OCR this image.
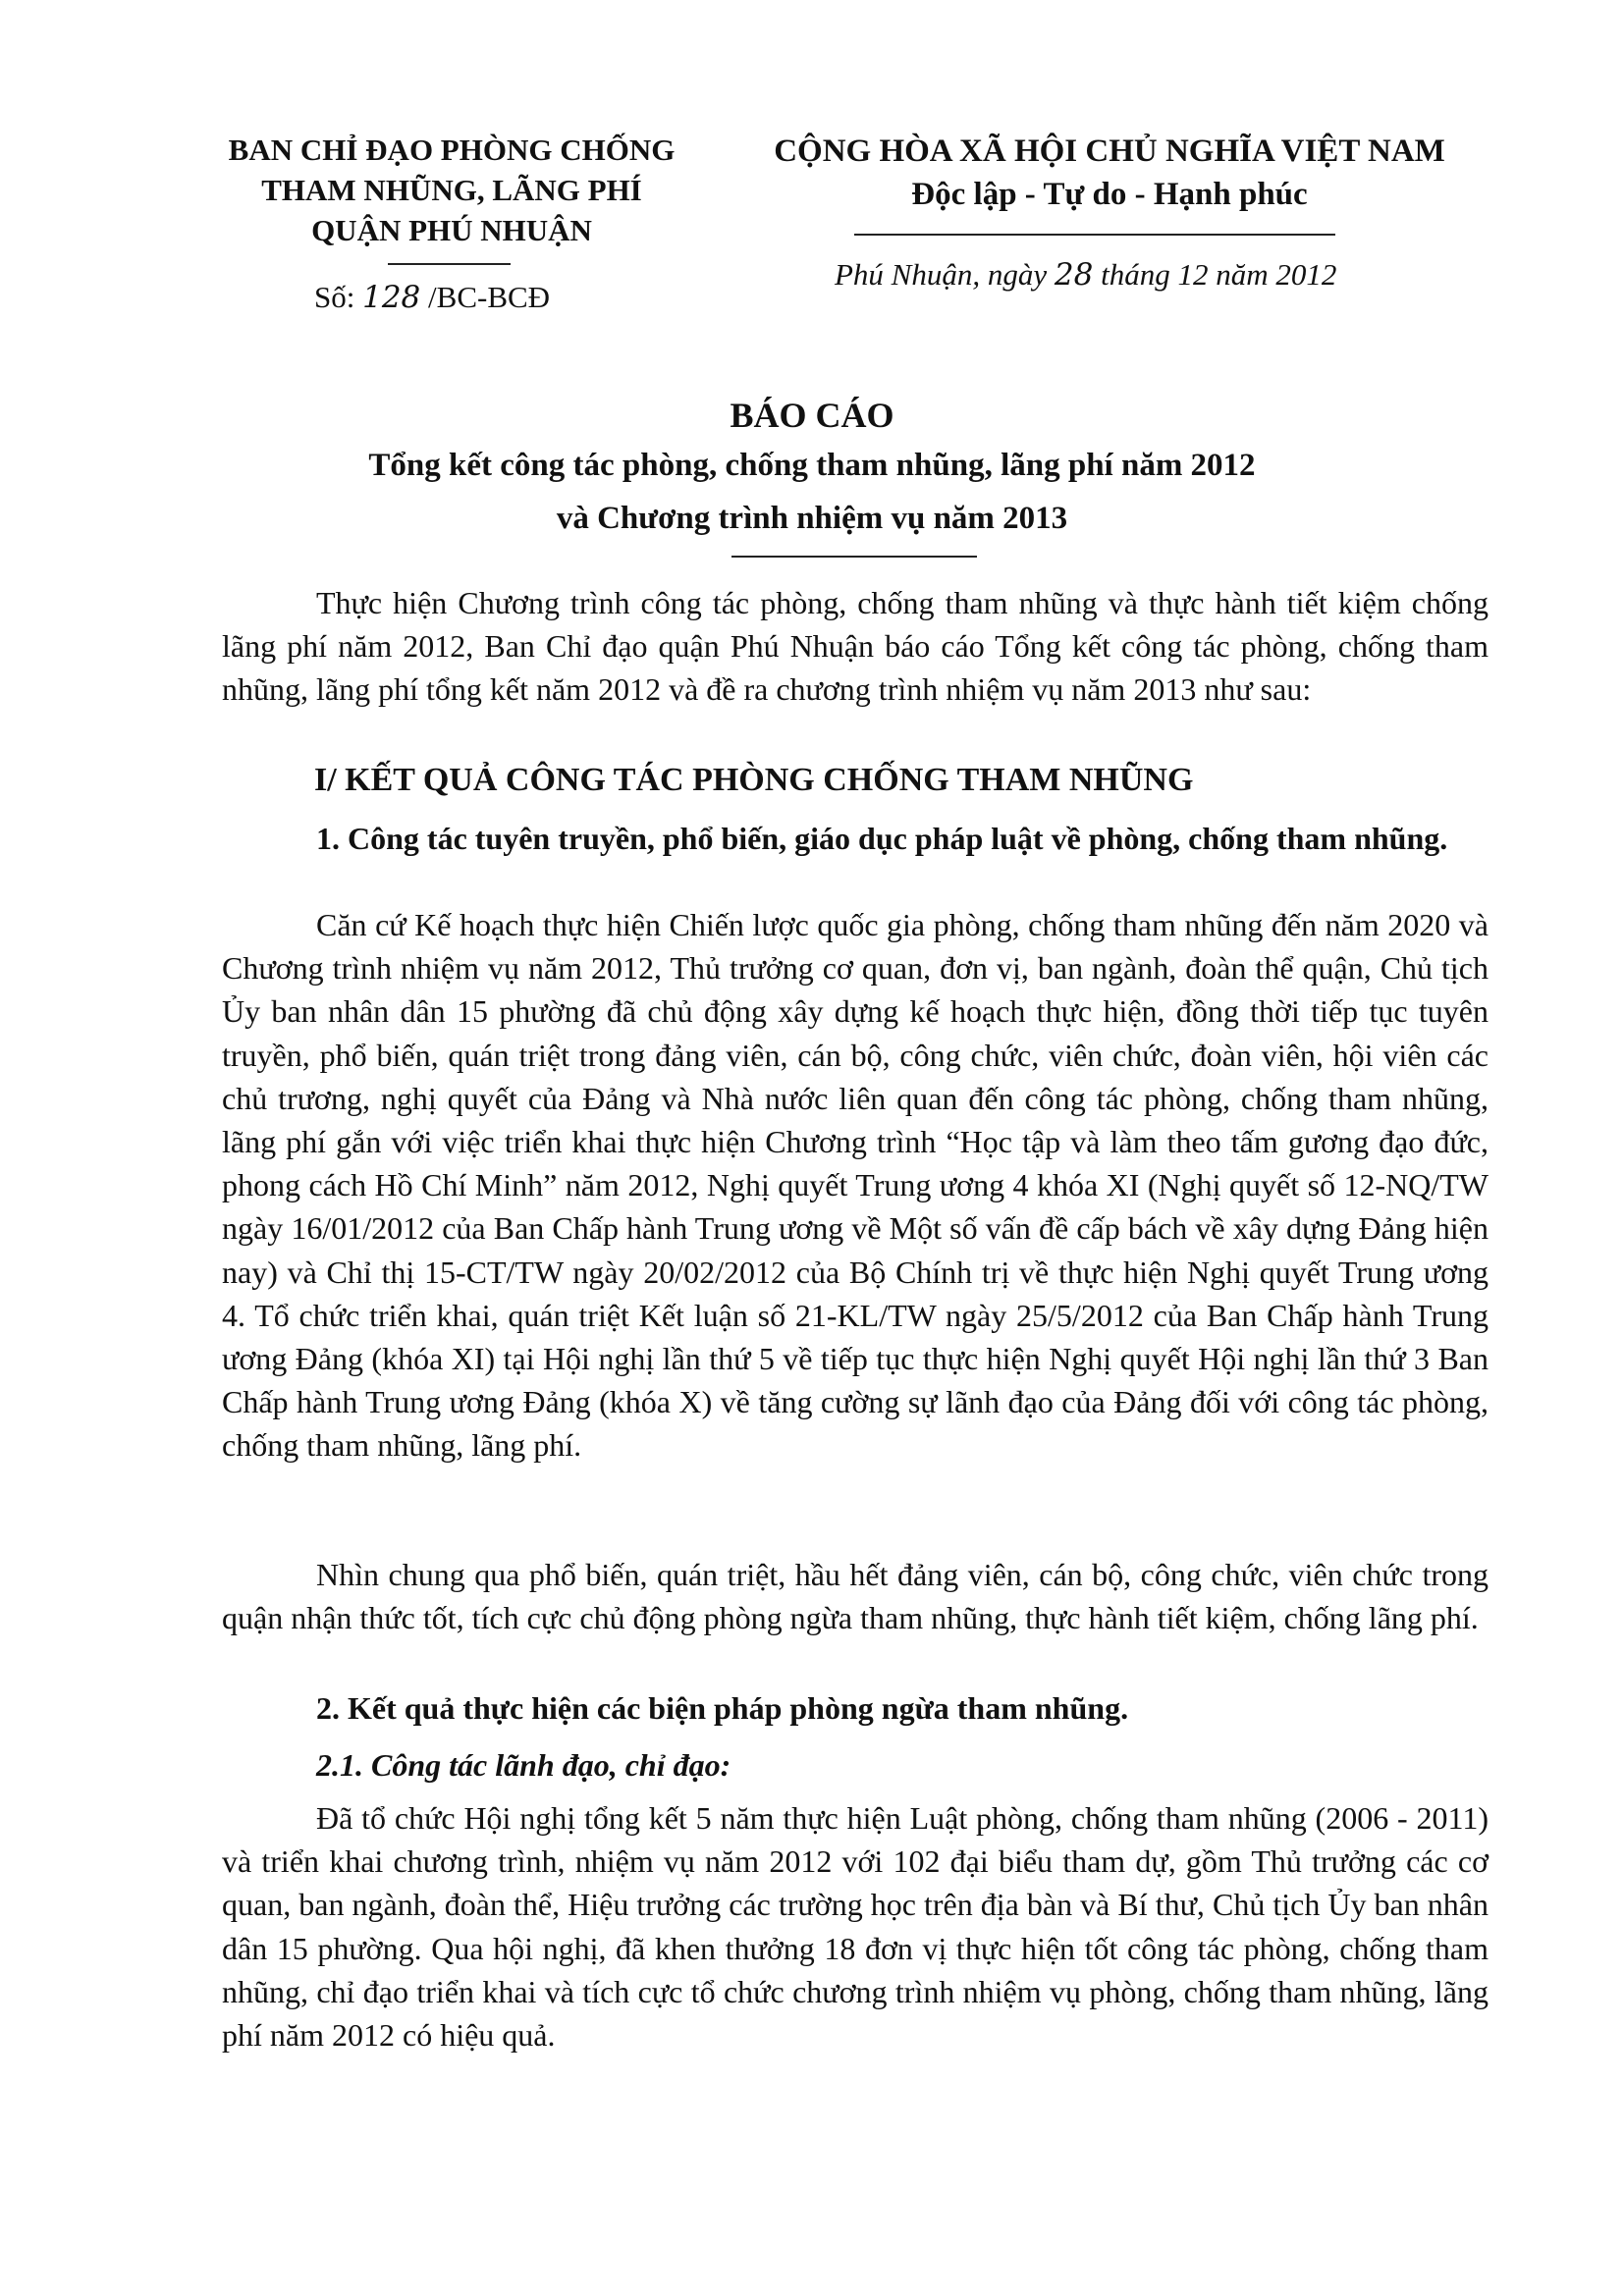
BAN CHỈ ĐẠO PHÒNG CHỐNG
THAM NHŨNG, LÃNG PHÍ
QUẬN PHÚ NHUẬN
Số: 128 /BC-BCĐ
CỘNG HÒA XÃ HỘI CHỦ NGHĨA VIỆT NAM
Độc lập - Tự do - Hạnh phúc
Phú Nhuận, ngày 28 tháng 12 năm 2012
BÁO CÁO
Tổng kết công tác phòng, chống tham nhũng, lãng phí năm 2012
và Chương trình nhiệm vụ năm 2013

Thực hiện Chương trình công tác phòng, chống tham nhũng và thực hành tiết kiệm chống lãng phí năm 2012, Ban Chỉ đạo quận Phú Nhuận báo cáo Tổng kết công tác phòng, chống tham nhũng, lãng phí tổng kết năm 2012 và đề ra chương trình nhiệm vụ năm 2013 như sau:

I/ KẾT QUẢ CÔNG TÁC PHÒNG CHỐNG THAM NHŨNG

1. Công tác tuyên truyền, phổ biến, giáo dục pháp luật về phòng, chống tham nhũng.

Căn cứ Kế hoạch thực hiện Chiến lược quốc gia phòng, chống tham nhũng đến năm 2020 và Chương trình nhiệm vụ năm 2012, Thủ trưởng cơ quan, đơn vị, ban ngành, đoàn thể quận, Chủ tịch Ủy ban nhân dân 15 phường đã chủ động xây dựng kế hoạch thực hiện, đồng thời tiếp tục tuyên truyền, phổ biến, quán triệt trong đảng viên, cán bộ, công chức, viên chức, đoàn viên, hội viên các chủ trương, nghị quyết của Đảng và Nhà nước liên quan đến công tác phòng, chống tham nhũng, lãng phí gắn với việc triển khai thực hiện Chương trình “Học tập và làm theo tấm gương đạo đức, phong cách Hồ Chí Minh” năm 2012, Nghị quyết Trung ương 4 khóa XI (Nghị quyết số 12-NQ/TW ngày 16/01/2012 của Ban Chấp hành Trung ương về Một số vấn đề cấp bách về xây dựng Đảng hiện nay) và Chỉ thị 15-CT/TW ngày 20/02/2012 của Bộ Chính trị về thực hiện Nghị quyết Trung ương 4. Tổ chức triển khai, quán triệt Kết luận số 21-KL/TW ngày 25/5/2012 của Ban Chấp hành Trung ương Đảng (khóa XI) tại Hội nghị lần thứ 5 về tiếp tục thực hiện Nghị quyết Hội nghị lần thứ 3 Ban Chấp hành Trung ương Đảng (khóa X) về tăng cường sự lãnh đạo của Đảng đối với công tác phòng, chống tham nhũng, lãng phí.

Nhìn chung qua phổ biến, quán triệt, hầu hết đảng viên, cán bộ, công chức, viên chức trong quận nhận thức tốt, tích cực chủ động phòng ngừa tham nhũng, thực hành tiết kiệm, chống lãng phí.

2. Kết quả thực hiện các biện pháp phòng ngừa tham nhũng.
2.1. Công tác lãnh đạo, chỉ đạo:

Đã tổ chức Hội nghị tổng kết 5 năm thực hiện Luật phòng, chống tham nhũng (2006 - 2011) và triển khai chương trình, nhiệm vụ năm 2012 với 102 đại biểu tham dự, gồm Thủ trưởng các cơ quan, ban ngành, đoàn thể, Hiệu trưởng các trường học trên địa bàn và Bí thư, Chủ tịch Ủy ban nhân dân 15 phường. Qua hội nghị, đã khen thưởng 18 đơn vị thực hiện tốt công tác phòng, chống tham nhũng, chỉ đạo triển khai và tích cực tổ chức chương trình nhiệm vụ phòng, chống tham nhũng, lãng phí năm 2012 có hiệu quả.
